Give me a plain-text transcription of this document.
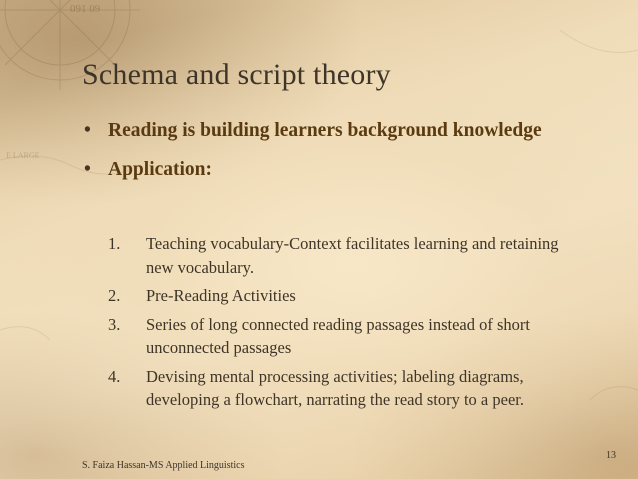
091 09
E LARGE
Schema and script theory
• Reading is building learners background knowledge
• Application:
1. Teaching vocabulary-Context facilitates learning and retaining new vocabulary.
2. Pre-Reading Activities
3. Series of long connected reading passages instead of short unconnected passages
4. Devising mental processing activities; labeling diagrams, developing a flowchart, narrating the read story to a peer.
S. Faiza Hassan-MS Applied Linguistics
13
